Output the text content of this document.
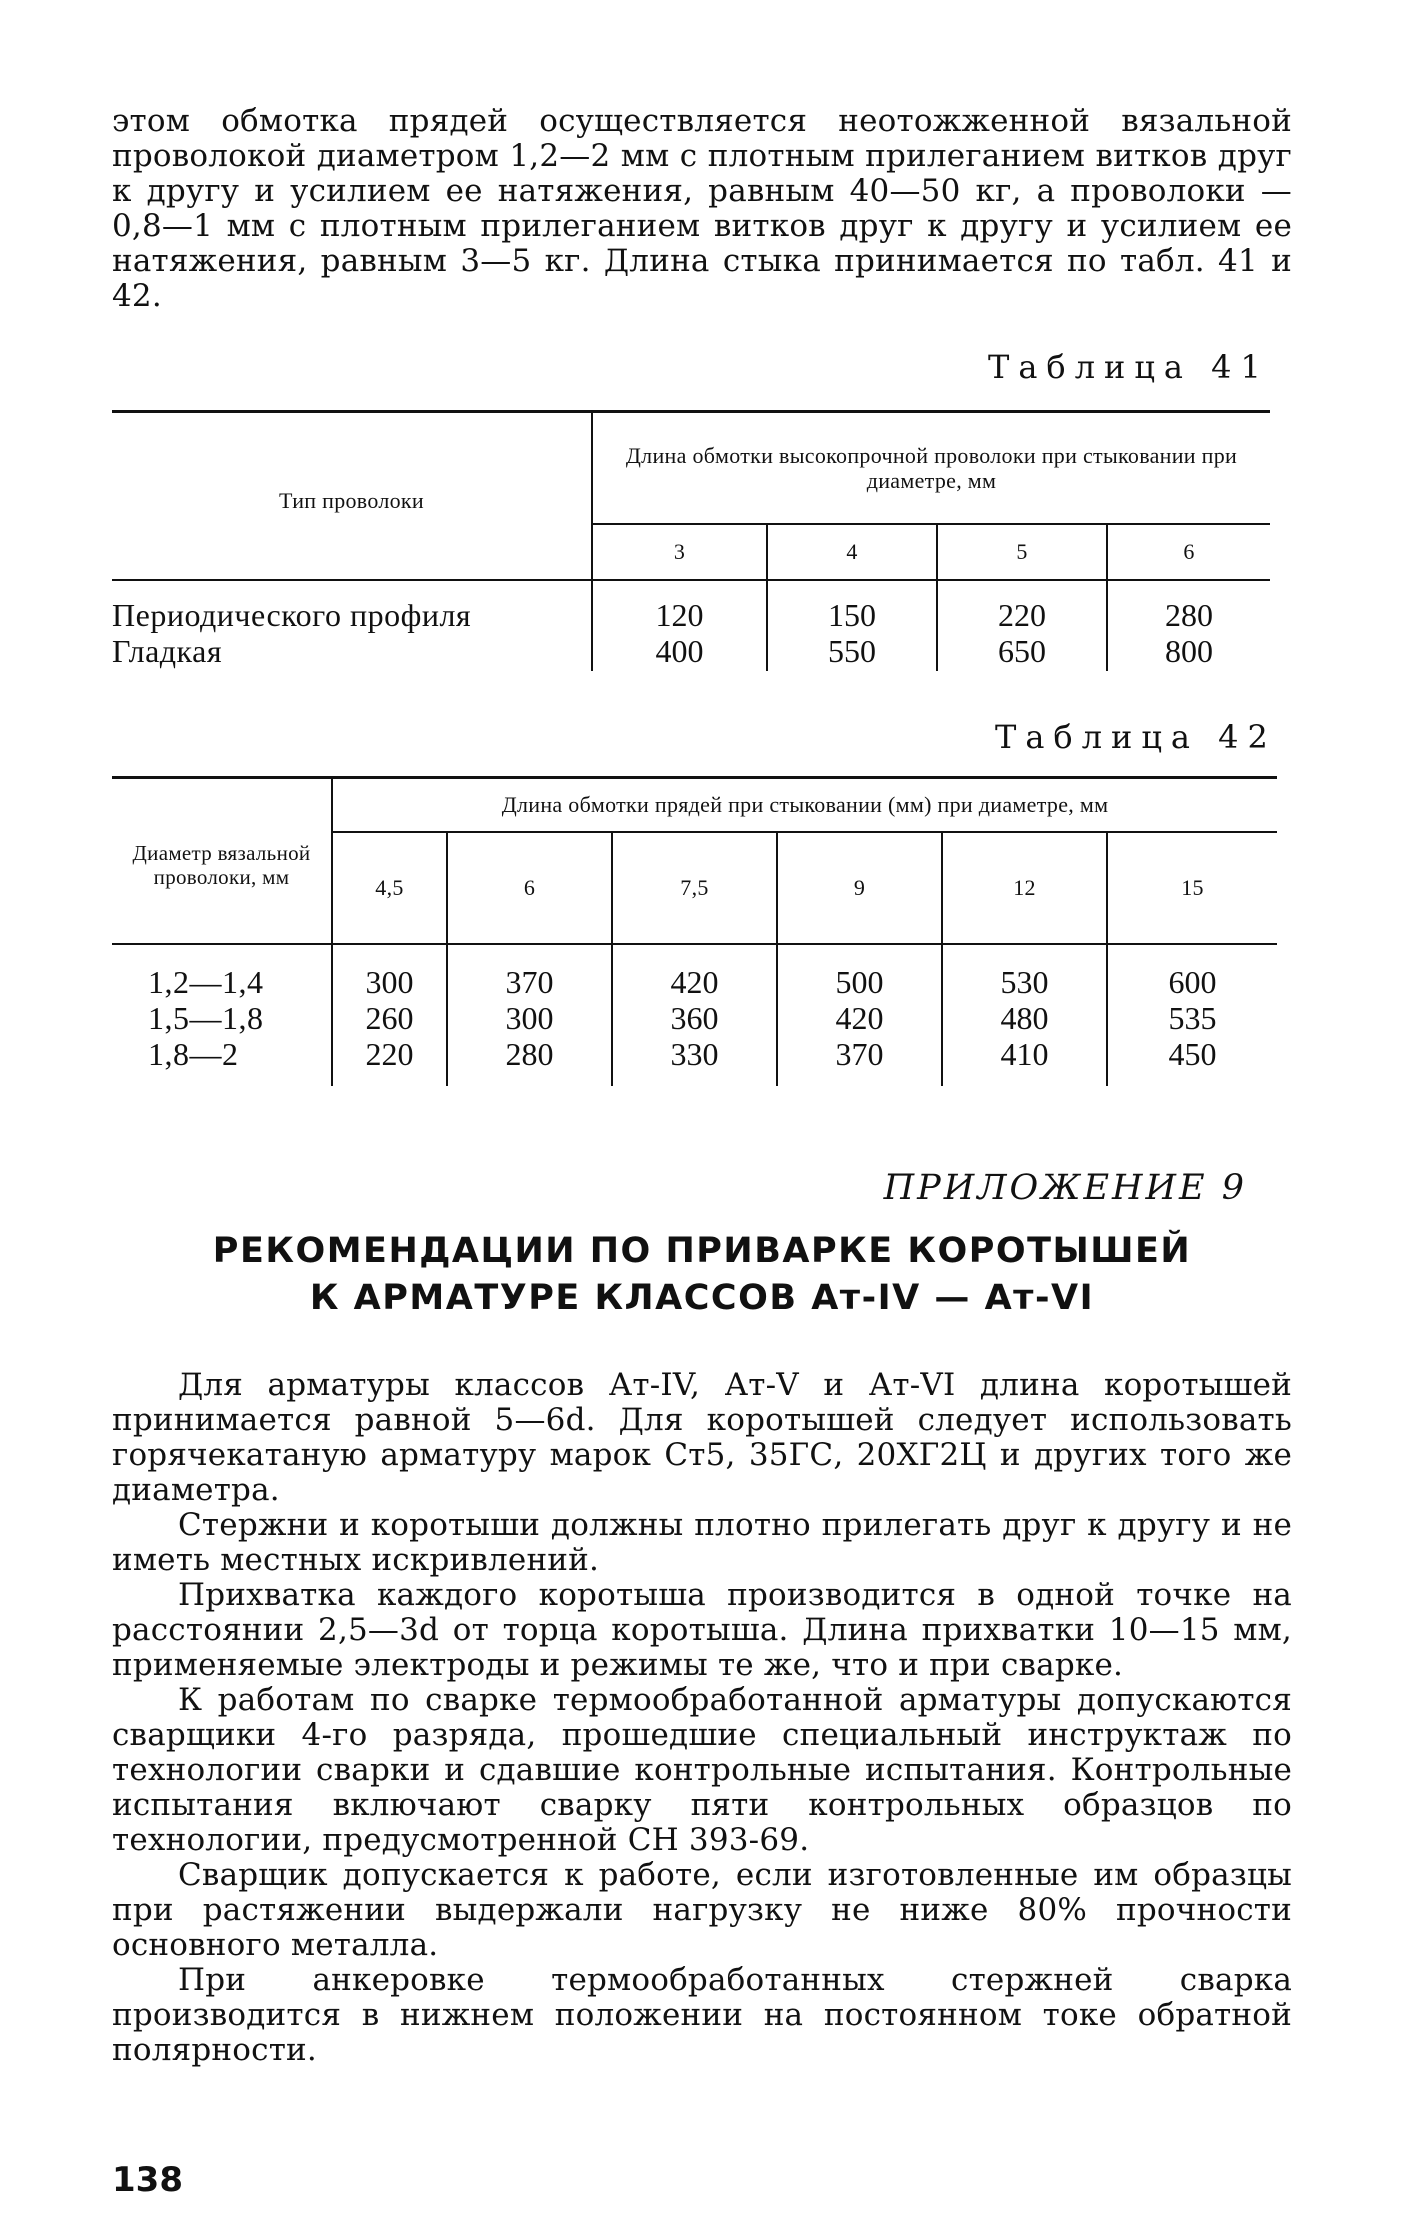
этом обмотка прядей осуществляется неотожженной вязальной проволокой диаметром 1,2—2 мм с плотным прилеганием витков друг к другу и усилием ее натяжения, равным 40—50 кг, а проволоки — 0,8—1 мм с плотным прилеганием витков друг к другу и усилием ее натяжения, равным 3—5 кг. Длина стыка принимается по табл. 41 и 42.
Таблица 41
Тип проволоки	Длина обмотки высокопрочной проволоки при стыковании при диаметре, мм			
	3	4	5	6
Периодического профиля	120	150	220	280
Гладкая	400	550	650	800
Таблица 42
Диаметр вязальной проволоки, мм	Длина обмотки прядей при стыковании (мм) при диаметре, мм					
	4,5	6	7,5	9	12	15
1,2—1,4	300	370	420	500	530	600
1,5—1,8	260	300	360	420	480	535
1,8—2	220	280	330	370	410	450
ПРИЛОЖЕНИЕ 9
РЕКОМЕНДАЦИИ ПО ПРИВАРКЕ КОРОТЫШЕЙ
К АРМАТУРЕ КЛАССОВ Ат-IV — Ат-VI
Для арматуры классов Ат-IV, Ат-V и Ат-VI длина коротышей принимается равной 5—6d. Для коротышей следует использовать горячекатаную арматуру марок Ст5, 35ГС, 20ХГ2Ц и других того же диаметра.
Стержни и коротыши должны плотно прилегать друг к другу и не иметь местных искривлений.
Прихватка каждого коротыша производится в одной точке на расстоянии 2,5—3d от торца коротыша. Длина прихватки 10—15 мм, применяемые электроды и режимы те же, что и при сварке.
К работам по сварке термообработанной арматуры допускаются сварщики 4-го разряда, прошедшие специальный инструктаж по технологии сварки и сдавшие контрольные испытания. Контрольные испытания включают сварку пяти контрольных образцов по технологии, предусмотренной СН 393-69.
Сварщик допускается к работе, если изготовленные им образцы при растяжении выдержали нагрузку не ниже 80% прочности основного металла.
При анкеровке термообработанных стержней сварка производится в нижнем положении на постоянном токе обратной полярности.
138
